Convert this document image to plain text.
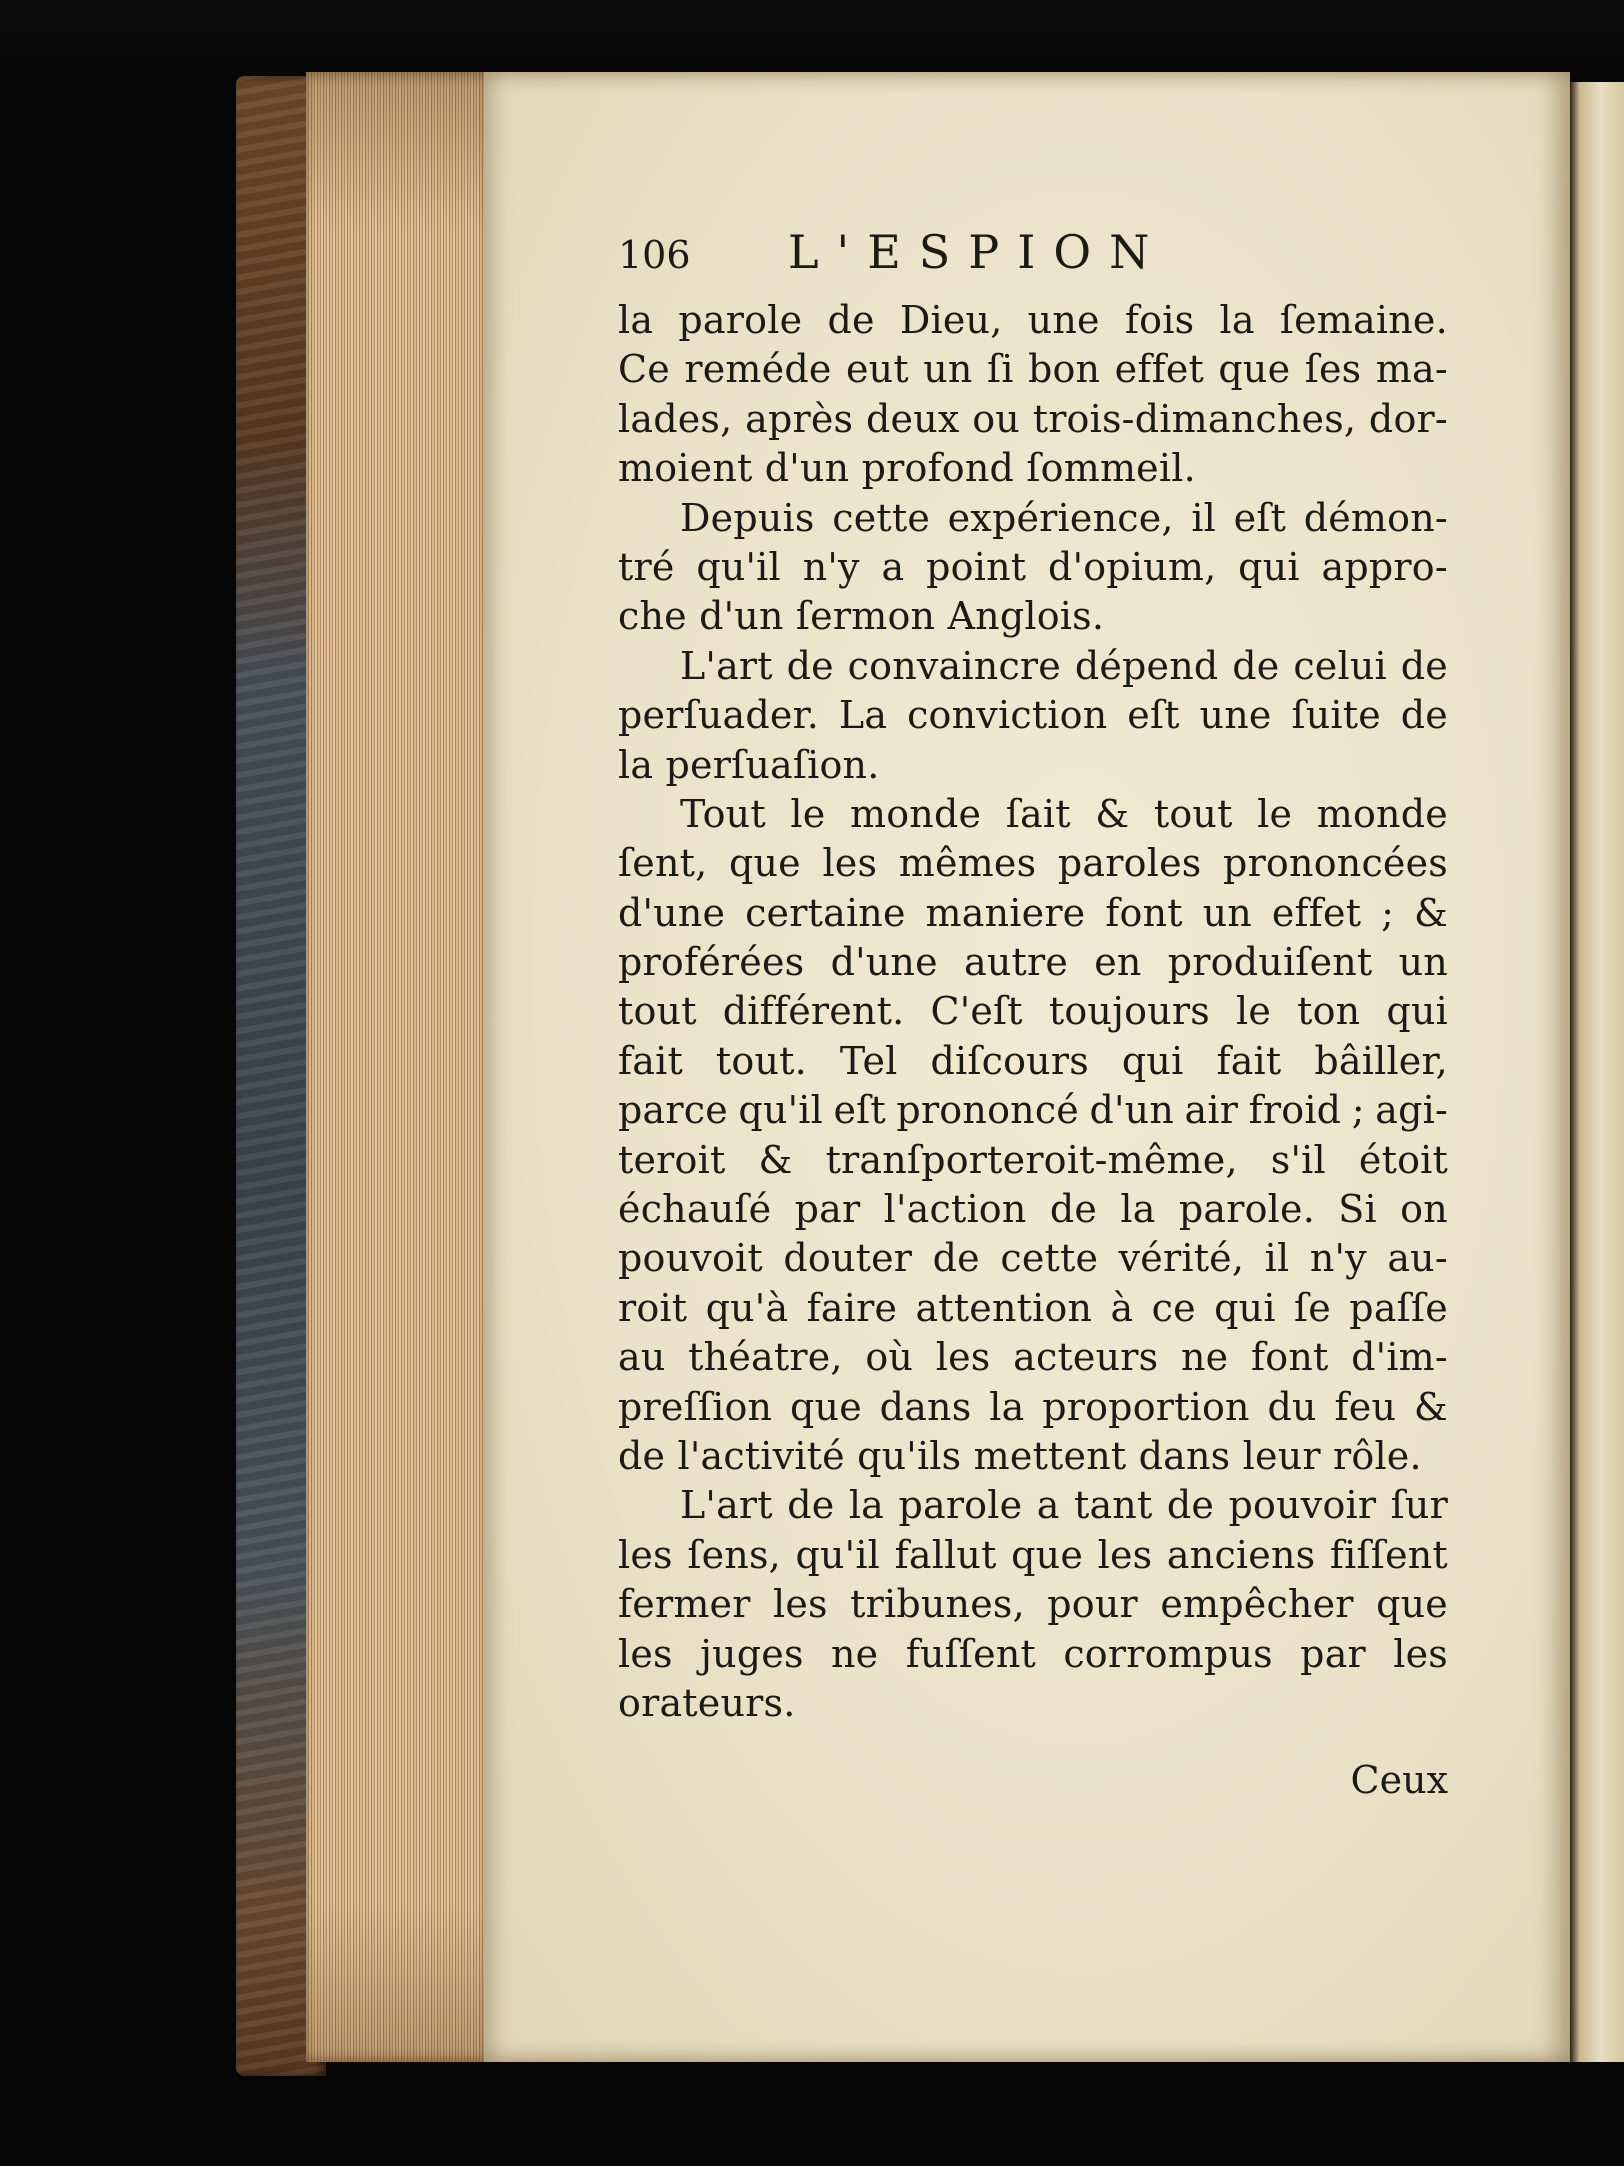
106	L'ESPION
la parole de Dieu, une fois la ſemaine.
Ce reméde eut un ſi bon effet que ſes ma-
lades, après deux ou trois-dimanches, dor-
moient d'un profond ſommeil.
Depuis cette expérience, il eſt démon-
tré qu'il n'y a point d'opium, qui appro-
che d'un ſermon Anglois.
L'art de convaincre dépend de celui de
perſuader. La conviction eſt une ſuite de
la perſuaſion.
Tout le monde ſait & tout le monde
ſent, que les mêmes paroles prononcées
d'une certaine maniere font un effet ; &
proférées d'une autre en produiſent un
tout différent. C'eſt toujours le ton qui
fait tout. Tel diſcours qui fait bâiller,
parce qu'il eſt prononcé d'un air froid ; agi-
teroit & tranſporteroit-même, s'il étoit
échauſé par l'action de la parole. Si on
pouvoit douter de cette vérité, il n'y au-
roit qu'à faire attention à ce qui ſe paſſe
au théatre, où les acteurs ne font d'im-
preſſion que dans la proportion du feu &
de l'activité qu'ils mettent dans leur rôle.
L'art de la parole a tant de pouvoir ſur
les ſens, qu'il fallut que les anciens fiſſent
fermer les tribunes, pour empêcher que
les juges ne fuſſent corrompus par les
orateurs.
Ceux
